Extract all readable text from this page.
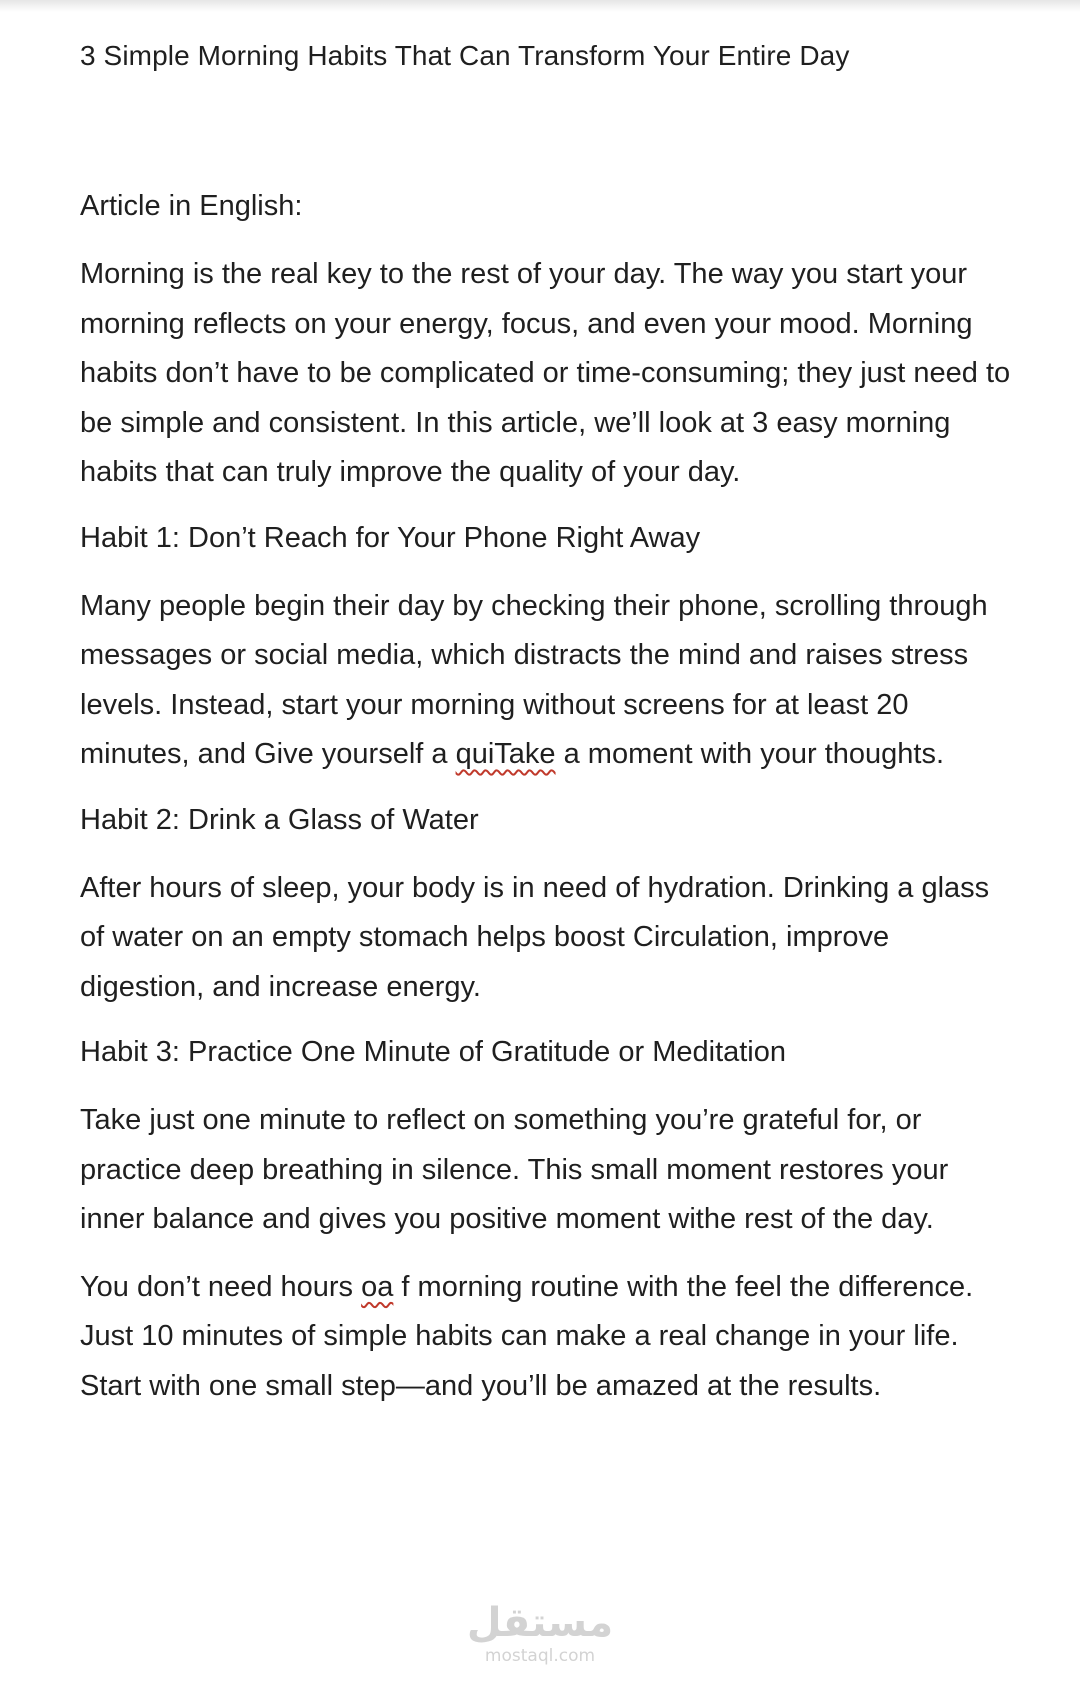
3 Simple Morning Habits That Can Transform Your Entire Day

Article in English:

Morning is the real key to the rest of your day. The way you start your morning reflects on your energy, focus, and even your mood. Morning habits don’t have to be complicated or time-consuming; they just need to be simple and consistent. In this article, we’ll look at 3 easy morning habits that can truly improve the quality of your day.

Habit 1: Don’t Reach for Your Phone Right Away

Many people begin their day by checking their phone, scrolling through messages or social media, which distracts the mind and raises stress levels. Instead, start your morning without screens for at least 20 minutes, and Give yourself a quiTake a moment with your thoughts.

Habit 2: Drink a Glass of Water

After hours of sleep, your body is in need of hydration. Drinking a glass of water on an empty stomach helps boost Circulation, improve digestion, and increase energy.

Habit 3: Practice One Minute of Gratitude or Meditation

Take just one minute to reflect on something you’re grateful for, or practice deep breathing in silence. This small moment restores your inner balance and gives you positive moment withe rest of the day.

You don’t need hours oa f morning routine with the feel the difference. Just 10 minutes of simple habits can make a real change in your life. Start with one small step—and you’ll be amazed at the results.

مستقل
mostaql.com
